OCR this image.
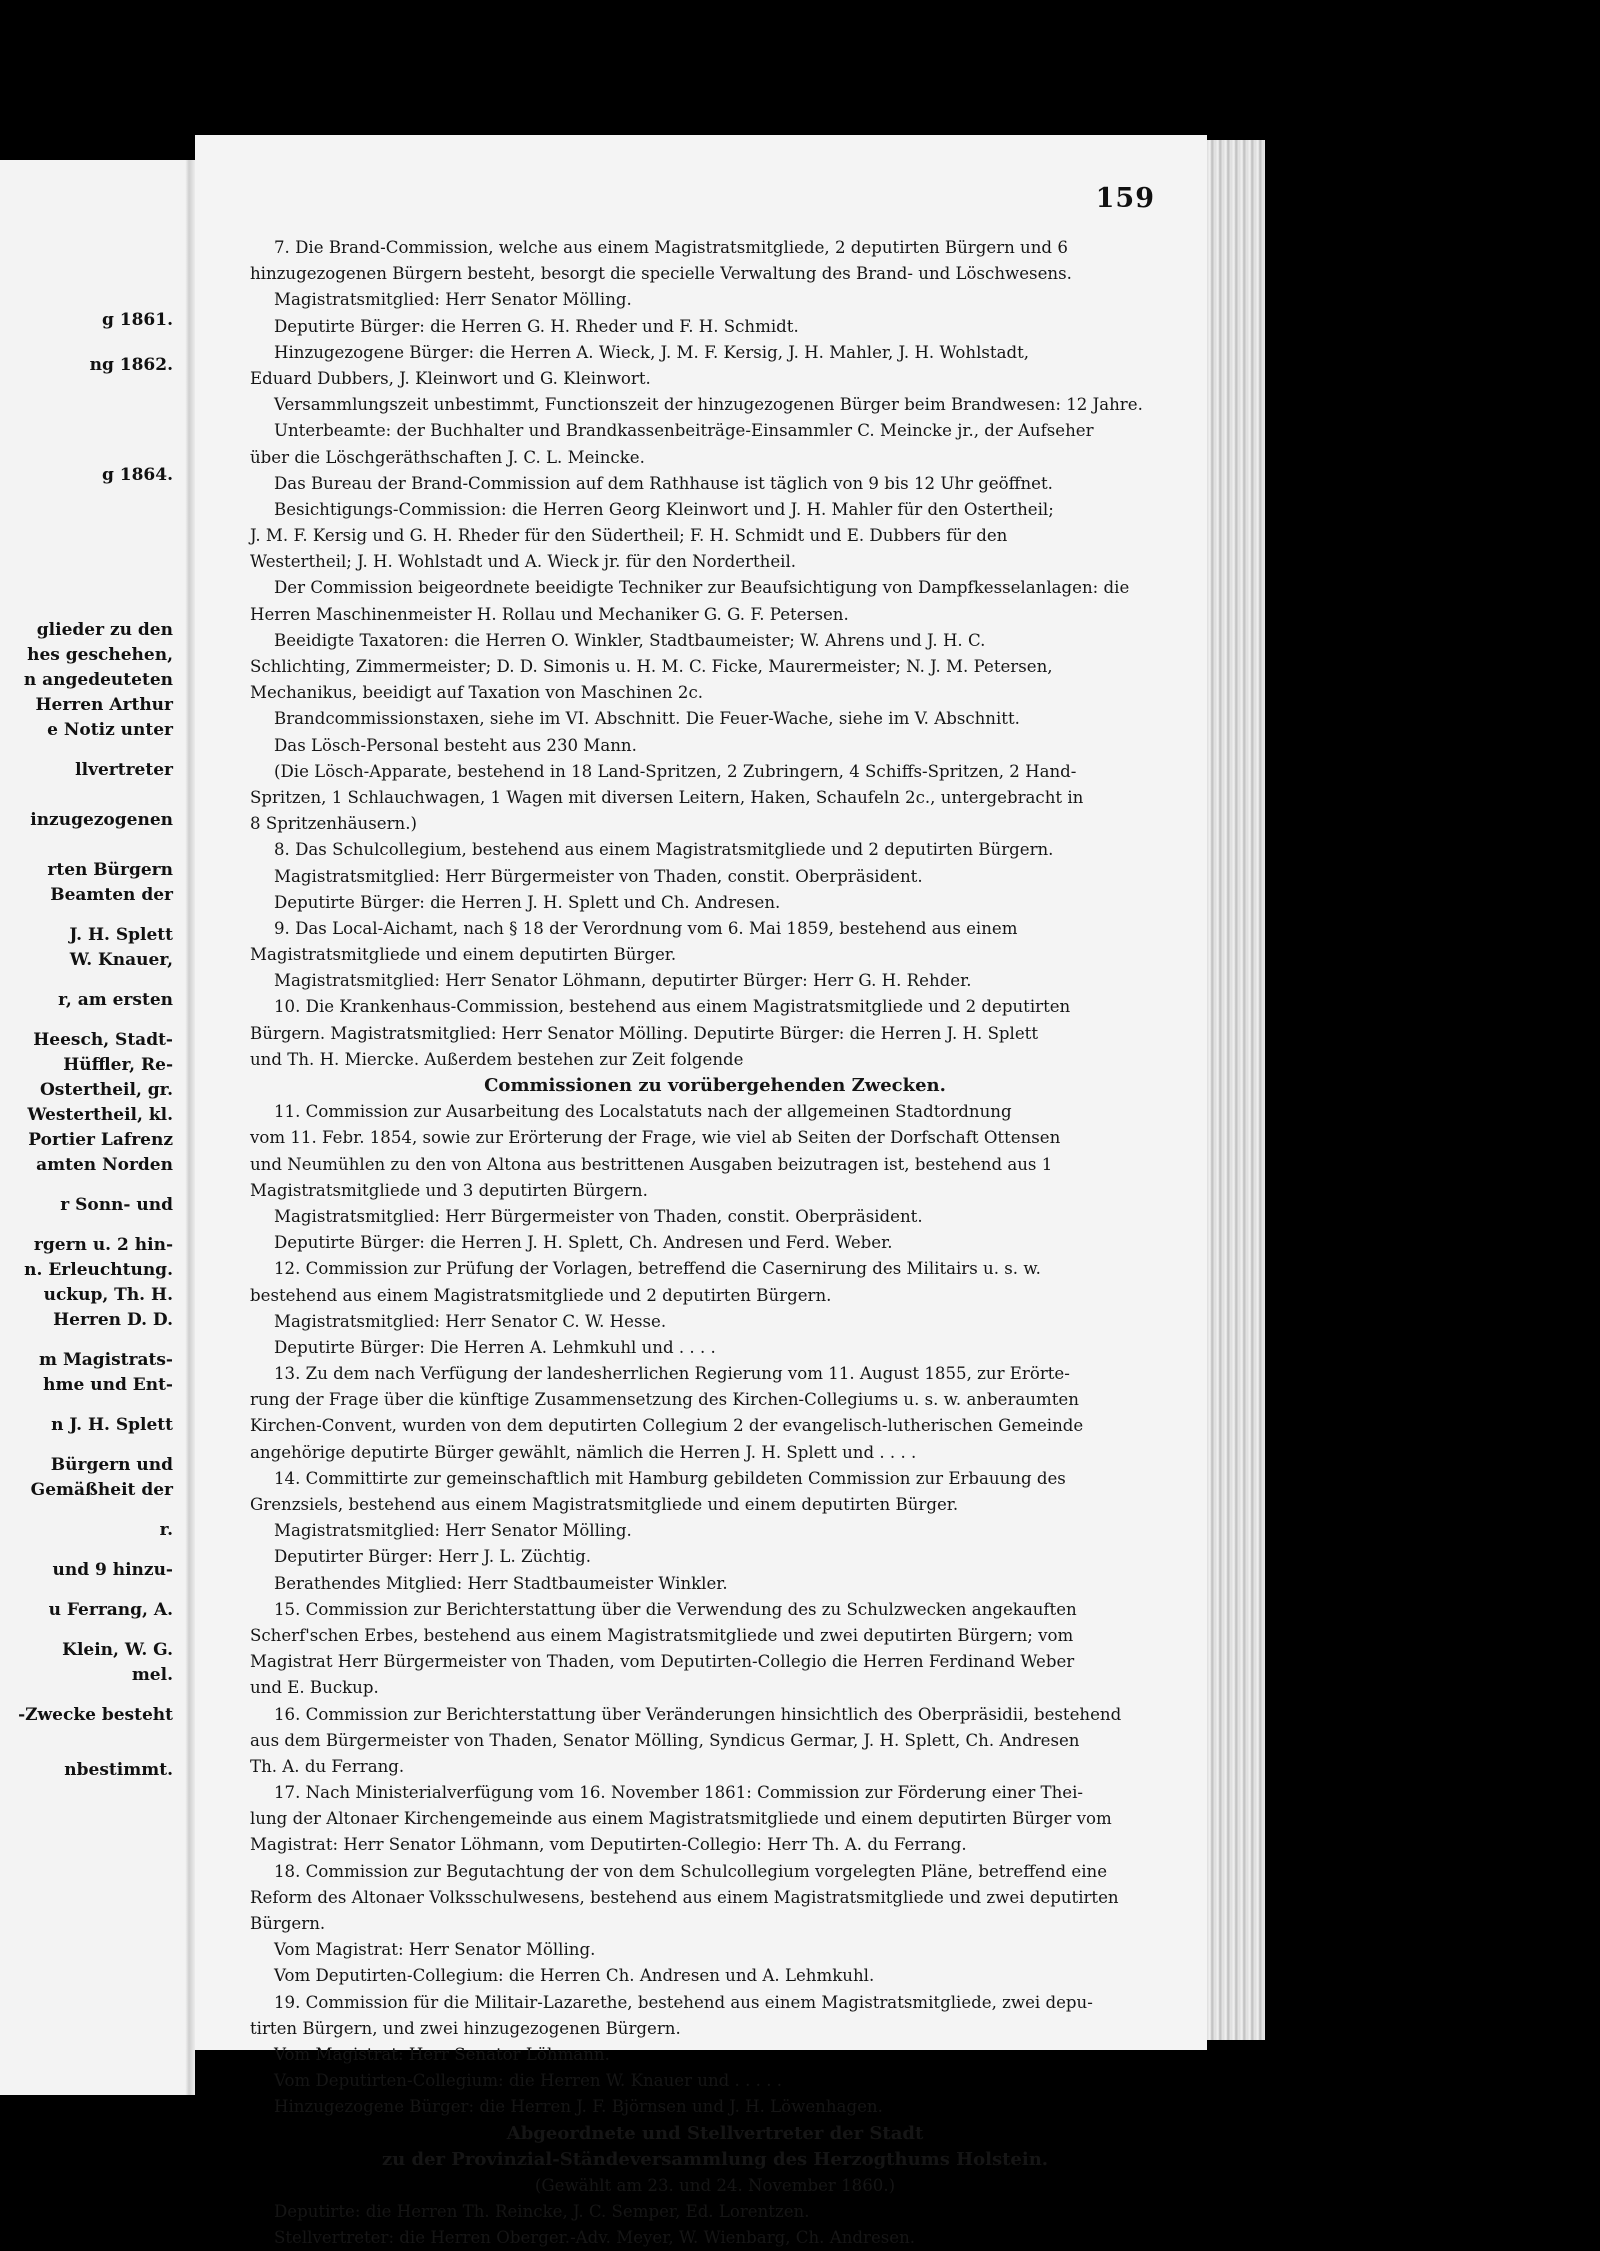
g 1861.
ng 1862.
g 1864.
glieder zu den
hes geschehen,
n angedeuteten
Herren Arthur
e Notiz unter
llvertreter
inzugezogenen
rten Bürgern
Beamten der
J. H. Splett
W. Knauer,
r, am ersten
Heesch, Stadt-
Hüffler, Re-
Ostertheil, gr.
Westertheil, kl.
Portier Lafrenz
amten Norden
r Sonn- und
rgern u. 2 hin-
n. Erleuchtung.
uckup, Th. H.
Herren D. D.
m Magistrats-
hme und Ent-
n J. H. Splett
Bürgern und
Gemäßheit der
r.
und 9 hinzu-
u Ferrang, A.
Klein, W. G.
mel.
-Zwecke besteht
nbestimmt.
159
7. Die Brand-Commission, welche aus einem Magistratsmitgliede, 2 deputirten Bürgern und 6
hinzugezogenen Bürgern besteht, besorgt die specielle Verwaltung des Brand- und Löschwesens.
Magistratsmitglied: Herr Senator Mölling.
Deputirte Bürger: die Herren G. H. Rheder und F. H. Schmidt.
Hinzugezogene Bürger: die Herren A. Wieck, J. M. F. Kersig, J. H. Mahler, J. H. Wohlstadt,
Eduard Dubbers, J. Kleinwort und G. Kleinwort.
Versammlungszeit unbestimmt, Functionszeit der hinzugezogenen Bürger beim Brandwesen: 12 Jahre.
Unterbeamte: der Buchhalter und Brandkassenbeiträge-Einsammler C. Meincke jr., der Aufseher
über die Löschgeräthschaften J. C. L. Meincke.
Das Bureau der Brand-Commission auf dem Rathhause ist täglich von 9 bis 12 Uhr geöffnet.
Besichtigungs-Commission: die Herren Georg Kleinwort und J. H. Mahler für den Ostertheil;
J. M. F. Kersig und G. H. Rheder für den Südertheil; F. H. Schmidt und E. Dubbers für den
Westertheil; J. H. Wohlstadt und A. Wieck jr. für den Nordertheil.
Der Commission beigeordnete beeidigte Techniker zur Beaufsichtigung von Dampfkesselanlagen: die
Herren Maschinenmeister H. Rollau und Mechaniker G. G. F. Petersen.
Beeidigte Taxatoren: die Herren O. Winkler, Stadtbaumeister; W. Ahrens und J. H. C.
Schlichting, Zimmermeister; D. D. Simonis u. H. M. C. Ficke, Maurermeister; N. J. M. Petersen,
Mechanikus, beeidigt auf Taxation von Maschinen 2c.
Brandcommissionstaxen, siehe im VI. Abschnitt. Die Feuer-Wache, siehe im V. Abschnitt.
Das Lösch-Personal besteht aus 230 Mann.
(Die Lösch-Apparate, bestehend in 18 Land-Spritzen, 2 Zubringern, 4 Schiffs-Spritzen, 2 Hand-
Spritzen, 1 Schlauchwagen, 1 Wagen mit diversen Leitern, Haken, Schaufeln 2c., untergebracht in
8 Spritzenhäusern.)
8. Das Schulcollegium, bestehend aus einem Magistratsmitgliede und 2 deputirten Bürgern.
Magistratsmitglied: Herr Bürgermeister von Thaden, constit. Oberpräsident.
Deputirte Bürger: die Herren J. H. Splett und Ch. Andresen.
9. Das Local-Aichamt, nach § 18 der Verordnung vom 6. Mai 1859, bestehend aus einem
Magistratsmitgliede und einem deputirten Bürger.
Magistratsmitglied: Herr Senator Löhmann, deputirter Bürger: Herr G. H. Rehder.
10. Die Krankenhaus-Commission, bestehend aus einem Magistratsmitgliede und 2 deputirten
Bürgern. Magistratsmitglied: Herr Senator Mölling. Deputirte Bürger: die Herren J. H. Splett
und Th. H. Miercke. Außerdem bestehen zur Zeit folgende
Commissionen zu vorübergehenden Zwecken.
11. Commission zur Ausarbeitung des Localstatuts nach der allgemeinen Stadtordnung
vom 11. Febr. 1854, sowie zur Erörterung der Frage, wie viel ab Seiten der Dorfschaft Ottensen
und Neumühlen zu den von Altona aus bestrittenen Ausgaben beizutragen ist, bestehend aus 1
Magistratsmitgliede und 3 deputirten Bürgern.
Magistratsmitglied: Herr Bürgermeister von Thaden, constit. Oberpräsident.
Deputirte Bürger: die Herren J. H. Splett, Ch. Andresen und Ferd. Weber.
12. Commission zur Prüfung der Vorlagen, betreffend die Casernirung des Militairs u. s. w.
bestehend aus einem Magistratsmitgliede und 2 deputirten Bürgern.
Magistratsmitglied: Herr Senator C. W. Hesse.
Deputirte Bürger: Die Herren A. Lehmkuhl und . . . .
13. Zu dem nach Verfügung der landesherrlichen Regierung vom 11. August 1855, zur Erörte-
rung der Frage über die künftige Zusammensetzung des Kirchen-Collegiums u. s. w. anberaumten
Kirchen-Convent, wurden von dem deputirten Collegium 2 der evangelisch-lutherischen Gemeinde
angehörige deputirte Bürger gewählt, nämlich die Herren J. H. Splett und . . . .
14. Committirte zur gemeinschaftlich mit Hamburg gebildeten Commission zur Erbauung des
Grenzsiels, bestehend aus einem Magistratsmitgliede und einem deputirten Bürger.
Magistratsmitglied: Herr Senator Mölling.
Deputirter Bürger: Herr J. L. Züchtig.
Berathendes Mitglied: Herr Stadtbaumeister Winkler.
15. Commission zur Berichterstattung über die Verwendung des zu Schulzwecken angekauften
Scherf'schen Erbes, bestehend aus einem Magistratsmitgliede und zwei deputirten Bürgern; vom
Magistrat Herr Bürgermeister von Thaden, vom Deputirten-Collegio die Herren Ferdinand Weber
und E. Buckup.
16. Commission zur Berichterstattung über Veränderungen hinsichtlich des Oberpräsidii, bestehend
aus dem Bürgermeister von Thaden, Senator Mölling, Syndicus Germar, J. H. Splett, Ch. Andresen
Th. A. du Ferrang.
17. Nach Ministerialverfügung vom 16. November 1861: Commission zur Förderung einer Thei-
lung der Altonaer Kirchengemeinde aus einem Magistratsmitgliede und einem deputirten Bürger vom
Magistrat: Herr Senator Löhmann, vom Deputirten-Collegio: Herr Th. A. du Ferrang.
18. Commission zur Begutachtung der von dem Schulcollegium vorgelegten Pläne, betreffend eine
Reform des Altonaer Volksschulwesens, bestehend aus einem Magistratsmitgliede und zwei deputirten
Bürgern.
Vom Magistrat: Herr Senator Mölling.
Vom Deputirten-Collegium: die Herren Ch. Andresen und A. Lehmkuhl.
19. Commission für die Militair-Lazarethe, bestehend aus einem Magistratsmitgliede, zwei depu-
tirten Bürgern, und zwei hinzugezogenen Bürgern.
Vom Magistrat: Herr Senator Löhmann.
Vom Deputirten-Collegium: die Herren W. Knauer und . . . . .
Hinzugezogene Bürger: die Herren J. F. Björnsen und J. H. Löwenhagen.
Abgeordnete und Stellvertreter der Stadt
zu der Provinzial-Ständeversammlung des Herzogthums Holstein.
(Gewählt am 23. und 24. November 1860.)
Deputirte: die Herren Th. Reincke, J. C. Semper, Ed. Lorentzen.
Stellvertreter: die Herren Oberger.-Adv. Meyer, W. Wienbarg, Ch. Andresen.
